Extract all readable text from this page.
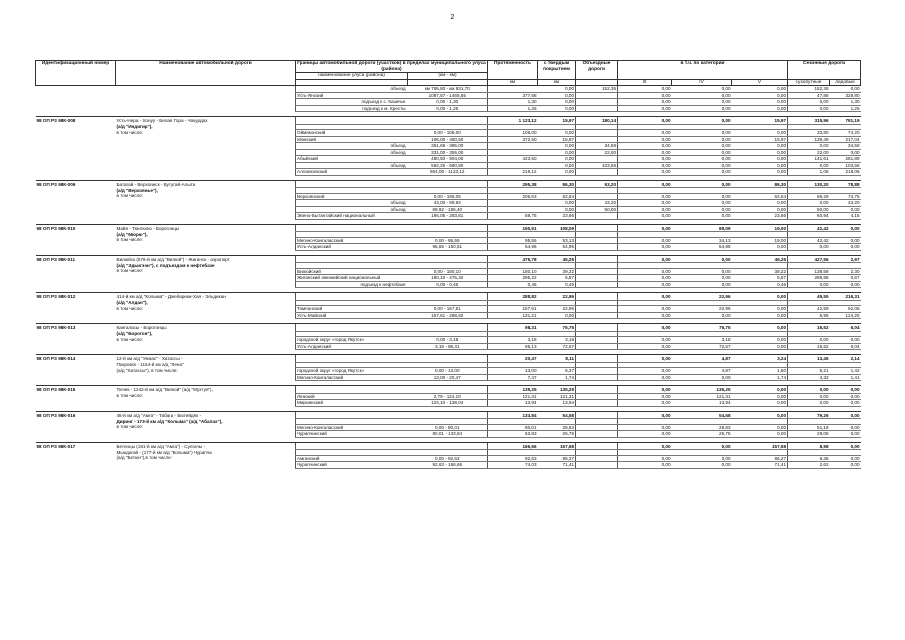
2
Идентификационный номер	Наименование автомобильной дороги	Границы автомобильной дороги (участков) в пределах муниципального улуса (района)		Протяженность	с твердым покрытием	Объездные дороги	в т.ч. по категории			Сезонные дороги	
		наименование улуса (района)	(км - км)								
				км	км		III	IV	V	сухопутные	ледовые
		объезд	км 755,80 - км 931,70		0,00	152,35	0,00	0,00	0,00	152,35	0,00
		Усть-Янский	1087,57 - 1465,55	377,68	0,00		0,00	0,00	0,00	47,88	329,80
		подъезд к с. Казачье	0,00 - 1,30	1,30	0,00		0,00	0,00	0,00	0,00	1,30
		подъезд к м. Кресты	0,00 - 1,25	1,25	0,00		0,00	0,00	0,00	0,00	1,25

98 ОП РЗ 98К-008	Усть-Нера - Хонуу - Белая Гора - Чокурдах			1 123,12	15,97	180,14	0,00	0,00	15,97	315,96	791,19
	(а/д "Индигир"),										
	в том числе:	Оймяконский	0,00 - 106,00	106,00	0,00		0,00	0,00	0,00	33,80	74,20
		Момский	106,00 - 480,50	372,50	15,97		0,00	0,00	15,97	139,49	217,04
		объезд	361,69 - 395,00		0,00	34,58	0,00	0,00	0,00	0,00	34,58
		объезд	331,00 - 355,00		0,00	22,00	0,00	0,00	0,00	22,00	0,00
		Абыйский	480,50 - 904,00	423,50	0,00		0,00	0,00	0,00	141,61	281,89
		объезд	592,25 - 660,80		0,00	103,56	0,00	0,00	0,00	0,00	103,56
		Аллаиховский	904,00 - 1123,12	219,12	0,00		0,00	0,00	0,00	1,06	218,06

98 ОП РЗ 98К-009	Батагай - Верхоянск - Бутугай-Алыта			295,38	86,30	93,20	0,00	0,00	86,30	130,20	78,88
	(а/д "Верхоянье"),										
	в том числе:	Верхоянский	0,00 - 195,05	206,63	62,64		0,00	0,00	62,64	69,28	74,75
		объезд	43,00 - 69,92		0,00	43,20	0,00	0,00	0,00	0,00	43,20
		объезд	69,92 - 165,40		0,00	50,00	0,00	0,00	0,00	50,00	0,00
		Эвено-Бытантайский национальный	195,05 - 283,81	88,75	23,66		0,00	0,00	23,66	60,94	4,15

98 ОП РЗ 98К-010	Майя - Тюнгюлю - Борогонцы			150,51	108,09		0,00	89,09	19,00	42,42	0,00
	(а/д "Мюрю"),										
	в том числе:	Мегино-Кангаласский	0,00 - 95,55	95,55	53,13		0,00	34,13	19,00	42,42	0,00
		Усть-Алданский	95,55 - 150,51	54,96	54,96		0,00	54,96	0,00	0,00	0,00

98 ОП РЗ 98К-011	Вилюйск (576-й км а/д "Вилюй") - Жиганск - аэропорт			475,78	45,25		0,00	0,00	45,25	427,56	2,97
	(а/д "Эдьигээн"), с подъездом к нефтебазе										
	в том числе:	Вилюйский	0,00 - 180,10	180,10	39,22		0,00	0,00	39,22	138,58	2,30
		Жиганский эвенкийский национальный	180,10 - 475,32	295,22	5,57		0,00	0,00	5,57	288,98	0,67
		подъезд к нефтебазе	0,00 - 0,46	0,46	0,46		0,00	0,00	0,46	0,00	0,00

98 ОП РЗ 98К-012	414-й км а/д "Колыма" - Джебарики-Хая - Эльдикан			288,82	22,96		0,00	22,96	0,00	49,55	216,31
	(а/д "Алдан"),										
	в том числе:	Томпонский	0,00 - 157,61	157,61	22,96		0,00	22,96	0,00	42,59	92,06
		Усть-Майский	157,61 - 288,82	131,21	0,00		0,00	0,00	0,00	6,95	124,25

98 ОП РЗ 98К-013	Кангаласы - Борогонцы			98,31	75,75		0,00	75,75	0,00	16,52	6,04
	(а/д "Борогон"),										
	в том числе:	городской округ «город Якутск»	0,00 - 3,18	3,18	3,18		0,00	3,18	0,00	0,00	0,00
		Усть-Алданский	3,18 - 98,31	95,13	72,57		0,00	72,57	0,00	16,52	6,04

98 ОП РЗ 98К-014	12-й км а/д "Умнас" - Хатассы -			20,47	8,11		0,00	4,87	3,24	13,46	2,14
	Покровск - 1154-й км а/д "Лена"										
	(а/д "Хатассы"), в том числе:	городской округ «город Якутск»	0,00 - 13,00	13,00	6,37		0,00	4,87	1,50	5,21	1,42
		Мегино-Кангаласский	13,00 - 20,47	7,47	1,74		0,00	0,00	1,74	4,32	1,41

98 ОП РЗ 98К-015	Тючек - 1242-й км а/д "Вилюй" (а/д "Мухтуя"),			135,25	135,25		0,00	135,25	0,00	0,00	0,00
	в том числе:	Ленский	2,79 - 124,10	121,31	121,31		0,00	121,31	0,00	0,00	0,00
		Мирнинский	124,10 - 138,04	13,94	13,94		0,00	13,94	0,00	0,00	0,00

98 ОП РЗ 98К-016	45-й км а/д "Амга" - Табага - Бютейдях -			133,84	54,58		0,00	54,58	0,00	79,26	0,00
	Диринг - 173-й км а/д "Колыма" (а/д "Абалах"),										
	в том числе:	Мегино-Кангаласский	0,00 - 80,01	80,01	28,83		0,00	28,83	0,00	51,18	0,00
		Чурапчинский	80,01 - 133,84	53,83	25,75		0,00	25,75	0,00	28,08	0,00

98 ОП РЗ 98К-017	Бетенцы (191-й км а/д "Амга") - Сулгачы -			166,66	157,68		0,00	0,00	157,68	8,98	0,00
	Мындагай - (177-й км а/д "Колыма") Чурапча										
	(а/д "Бетюн"),в том числе:	Амгинский	0,00 - 92,63	92,63	86,27		0,00	0,00	86,27	6,36	0,00
		Чурапчинский	92,63 - 166,66	74,03	71,41		0,00	0,00	71,41	2,62	0,00
